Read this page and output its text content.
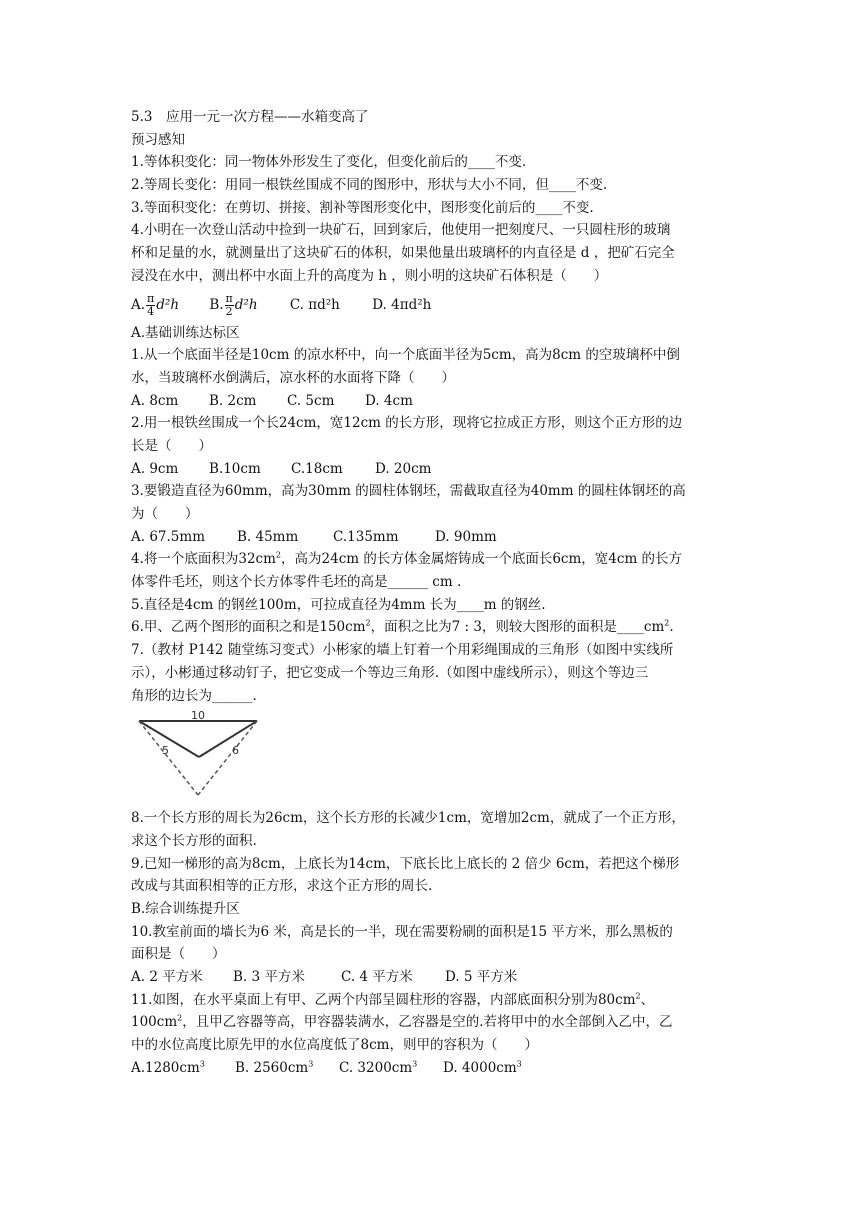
5.3　应用一元一次方程——水箱变高了
预习感知
1.等体积变化：同一物体外形发生了变化，但变化前后的____不变.
2.等周长变化：用同一根铁丝围成不同的图形中，形状与大小不同，但____不变.
3.等面积变化：在剪切、拼接、割补等图形变化中，图形变化前后的____不变.
4.小明在一次登山活动中捡到一块矿石，回到家后，他使用一把刻度尺、一只圆柱形的玻璃
杯和足量的水，就测量出了这块矿石的体积，如果他量出玻璃杯的内直径是 d ，把矿石完全
浸没在水中，测出杯中水面上升的高度为 h ，则小明的这块矿石体积是（　　）
A. $\frac{\pi}{4} d^2h$ B. $\frac{\pi}{2} d^2h$ C. πd²h D. 4πd²h
A.基础训练达标区
1.从一个底面半径是10cm 的凉水杯中，向一个底面半径为5cm，高为8cm 的空玻璃杯中倒
水，当玻璃杯水倒满后，凉水杯的水面将下降（　　）
A. 8cm B. 2cm C. 5cm D. 4cm
2.用一根铁丝围成一个长24cm，宽12cm 的长方形，现将它拉成正方形，则这个正方形的边
长是（　　）
A. 9cm B.10cm C.18cm D. 20cm
3.要锻造直径为60mm，高为30mm 的圆柱体钢坯，需截取直径为40mm 的圆柱体钢坯的高
为（　　）
A. 67.5mm B. 45mm	C.135mm	D. 90mm
4.将一个底面积为$32cm^2$，高为24cm 的长方体金属熔铸成一个底面长6cm，宽4cm 的长方
体零件毛坯，则这个长方体零件毛坯的高是______ cm .
5.直径是4cm 的钢丝100m，可拉成直径为4mm 长为____m 的钢丝.
6.甲、乙两个图形的面积之和是$150cm^2$，面积之比为7 : 3，则较大图形的面积是$\_\_\_\_cm^2$.
7.（教材 P142 随堂练习变式）小彬家的墙上钉着一个用彩绳围成的三角形（如图中实线所
示），小彬通过移动钉子，把它变成一个等边三角形.（如图中虚线所示），则这个等边三
角形的边长为______.
10
5	6
8.一个长方形的周长为26cm，这个长方形的长减少1cm，宽增加2cm，就成了一个正方形，
求这个长方形的面积.
9.已知一梯形的高为8cm，上底长为14cm，下底长比上底长的 2 倍少 6cm，若把这个梯形
改成与其面积相等的正方形，求这个正方形的周长.
B.综合训练提升区
10.教室前面的墙长为6 米，高是长的一半，现在需要粉刷的面积是15 平方米，那么黑板的
面积是（　　）
A. 2 平方米 B. 3 平方米	C. 4 平方米 D. 5 平方米
11.如图，在水平桌面上有甲、乙两个内部呈圆柱形的容器，内部底面积分别为$80cm^2$、
$100cm^2$，且甲乙容器等高，甲容器装满水，乙容器是空的.若将甲中的水全部倒入乙中，乙
中的水位高度比原先甲的水位高度低了8cm，则甲的容积为（　　）
$A.1280cm^3$ B. $2560cm^3$ C. $3200cm^3$ D. $4000cm^3$
